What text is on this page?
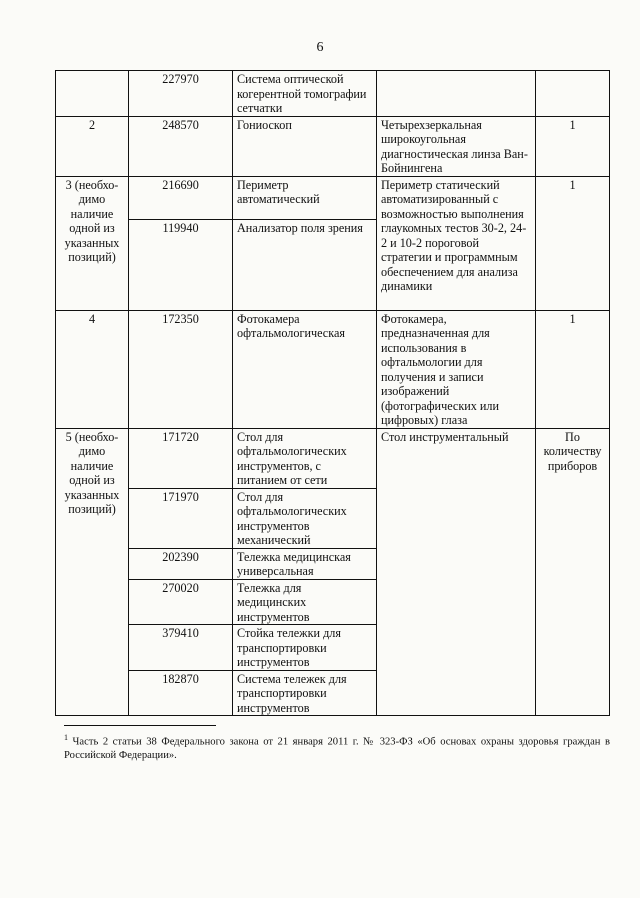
6
	227970	Система оптической когерентной томографии сетчатки		
2	248570	Гониоскоп	Четырехзеркальная широкоугольная диагностическая линза Ван-Бойнингена	1
3 (необхо-димо наличие одной из указанных позиций)	216690	Периметр автоматический	Периметр статический автоматизированный с возможностью выполнения глаукомных тестов 30-2, 24-2 и 10-2 пороговой стратегии и программным обеспечением для анализа динамики	1
	119940	Анализатор поля зрения		
4	172350	Фотокамера офтальмологическая	Фотокамера, предназначенная для использования в офтальмологии для получения и записи изображений (фотографических или цифровых) глаза	1
5 (необхо-димо наличие одной из указанных позиций)	171720	Стол для офтальмологических инструментов, с питанием от сети	Стол инструментальный	По количеству приборов
	171970	Стол для офтальмологических инструментов механический		
	202390	Тележка медицинская универсальная		
	270020	Тележка для медицинских инструментов		
	379410	Стойка тележки для транспортировки инструментов		
	182870	Система тележек для транспортировки инструментов		
$^1$ Часть 2 статьи 38 Федерального закона от 21 января 2011 г. № 323-ФЗ «Об основах охраны здоровья граждан в Российской Федерации».
